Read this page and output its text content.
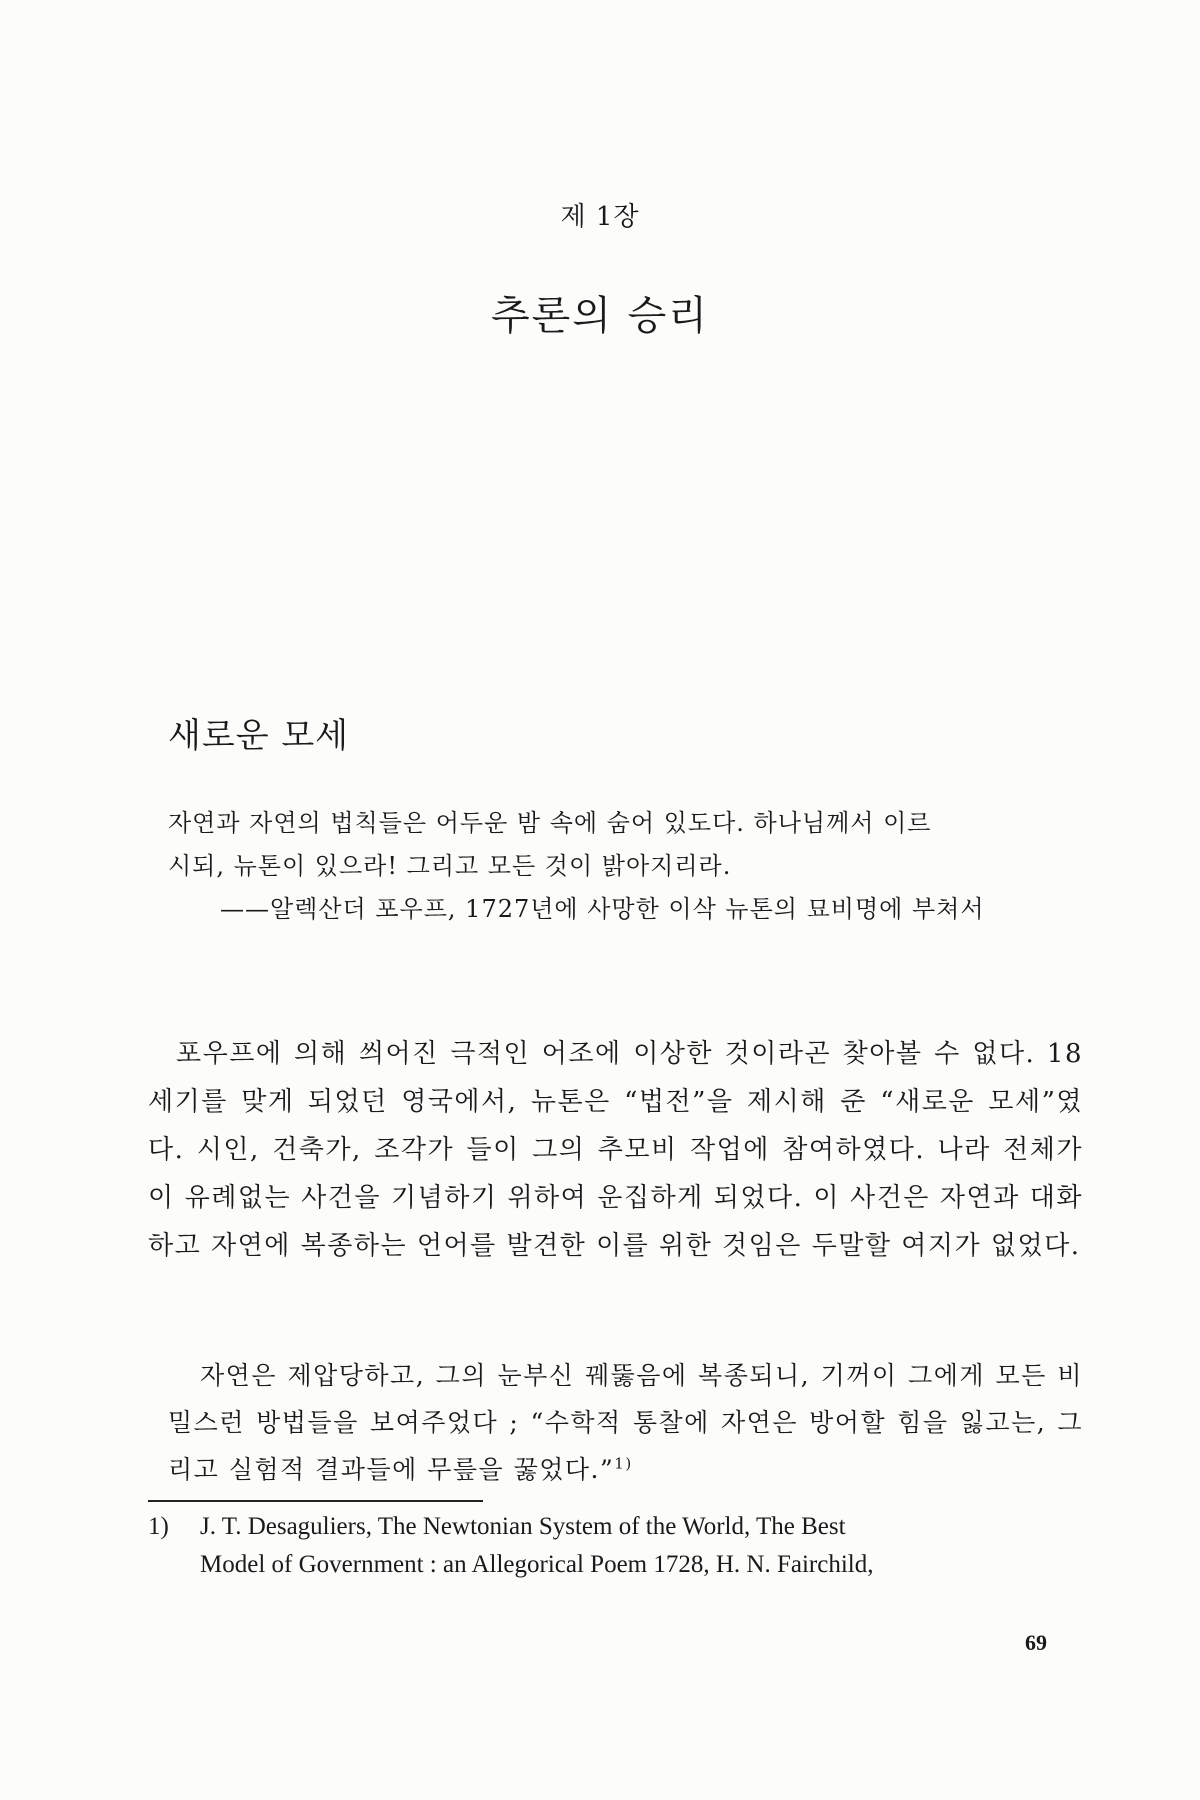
제 1장
추론의 승리
새로운 모세
자연과 자연의 법칙들은 어두운 밤 속에 숨어 있도다. 하나님께서 이르
시되, 뉴톤이 있으라! 그리고 모든 것이 밝아지리라.
——알렉산더 포우프, 1727년에 사망한 이삭 뉴톤의 묘비명에 부쳐서
포우프에 의해 씌어진 극적인 어조에 이상한 것이라곤 찾아볼 수 없다. 18세기를 맞게 되었던 영국에서, 뉴톤은 “법전”을 제시해 준 “새로운 모세”였다. 시인, 건축가, 조각가 들이 그의 추모비 작업에 참여하였다. 나라 전체가 이 유례없는 사건을 기념하기 위하여 운집하게 되었다. 이 사건은 자연과 대화하고 자연에 복종하는 언어를 발견한 이를 위한 것임은 두말할 여지가 없었다.
자연은 제압당하고, 그의 눈부신 꿰뚫음에 복종되니, 기꺼이 그에게 모든 비밀스런 방법들을 보여주었다 ; “수학적 통찰에 자연은 방어할 힘을 잃고는, 그리고 실험적 결과들에 무릎을 꿇었다.”$^{1)}$
1) J. T. Desaguliers, The Newtonian System of the World, The Best
Model of Government : an Allegorical Poem 1728, H. N. Fairchild,
69
